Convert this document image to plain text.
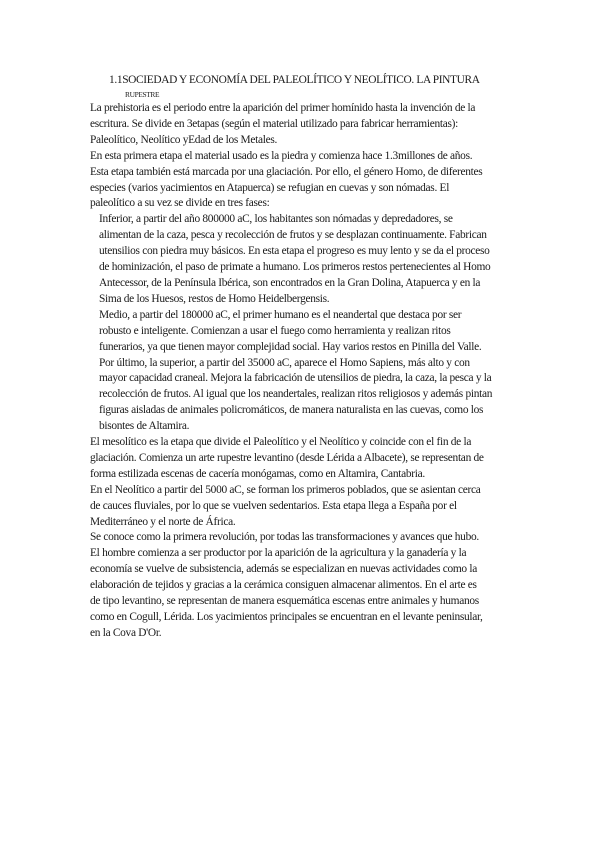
1.1SOCIEDAD Y ECONOMÍA DEL PALEOLÍTICO Y NEOLÍTICO. LA PINTURA
RUPESTRE

La prehistoria es el periodo entre la aparición del primer homínido hasta la invención de la
escritura. Se divide en 3etapas (según el material utilizado para fabricar herramientas):
Paleolítico, Neolítico yEdad de los Metales.

En esta primera etapa el material usado es la piedra y comienza hace 1.3millones de años.
Esta etapa también está marcada por una glaciación. Por ello, el género Homo, de diferentes
especies (varios yacimientos en Atapuerca) se refugian en cuevas y son nómadas. El
paleolítico a su vez se divide en tres fases:

Inferior, a partir del año 800000 aC, los habitantes son nómadas y depredadores, se
alimentan de la caza, pesca y recolección de frutos y se desplazan continuamente. Fabrican
utensilios con piedra muy básicos. En esta etapa el progreso es muy lento y se da el proceso
de hominización, el paso de primate a humano. Los primeros restos pertenecientes al Homo
Antecessor, de la Península Ibérica, son encontrados en la Gran Dolina, Atapuerca y en la
Sima de los Huesos, restos de Homo Heidelbergensis.

Medio, a partir del 180000 aC, el primer humano es el neandertal que destaca por ser
robusto e inteligente. Comienzan a usar el fuego como herramienta y realizan ritos
funerarios, ya que tienen mayor complejidad social. Hay varios restos en Pinilla del Valle.

Por último, la superior, a partir del 35000 aC, aparece el Homo Sapiens, más alto y con
mayor capacidad craneal. Mejora la fabricación de utensilios de piedra, la caza, la pesca y la
recolección de frutos. Al igual que los neandertales, realizan ritos religiosos y además pintan
figuras aisladas de animales policromáticos, de manera naturalista en las cuevas, como los
bisontes de Altamira.

El mesolítico es la etapa que divide el Paleolítico y el Neolítico y coincide con el fin de la
glaciación. Comienza un arte rupestre levantino (desde Lérida a Albacete), se representan de
forma estilizada escenas de cacería monógamas, como en Altamira, Cantabria.

En el Neolítico a partir del 5000 aC, se forman los primeros poblados, que se asientan cerca
de cauces fluviales, por lo que se vuelven sedentarios. Esta etapa llega a España por el
Mediterráneo y el norte de África.

Se conoce como la primera revolución, por todas las transformaciones y avances que hubo.
El hombre comienza a ser productor por la aparición de la agricultura y la ganadería y la
economía se vuelve de subsistencia, además se especializan en nuevas actividades como la
elaboración de tejidos y gracias a la cerámica consiguen almacenar alimentos. En el arte es
de tipo levantino, se representan de manera esquemática escenas entre animales y humanos
como en Cogull, Lérida. Los yacimientos principales se encuentran en el levante peninsular,
en la Cova D'Or.
